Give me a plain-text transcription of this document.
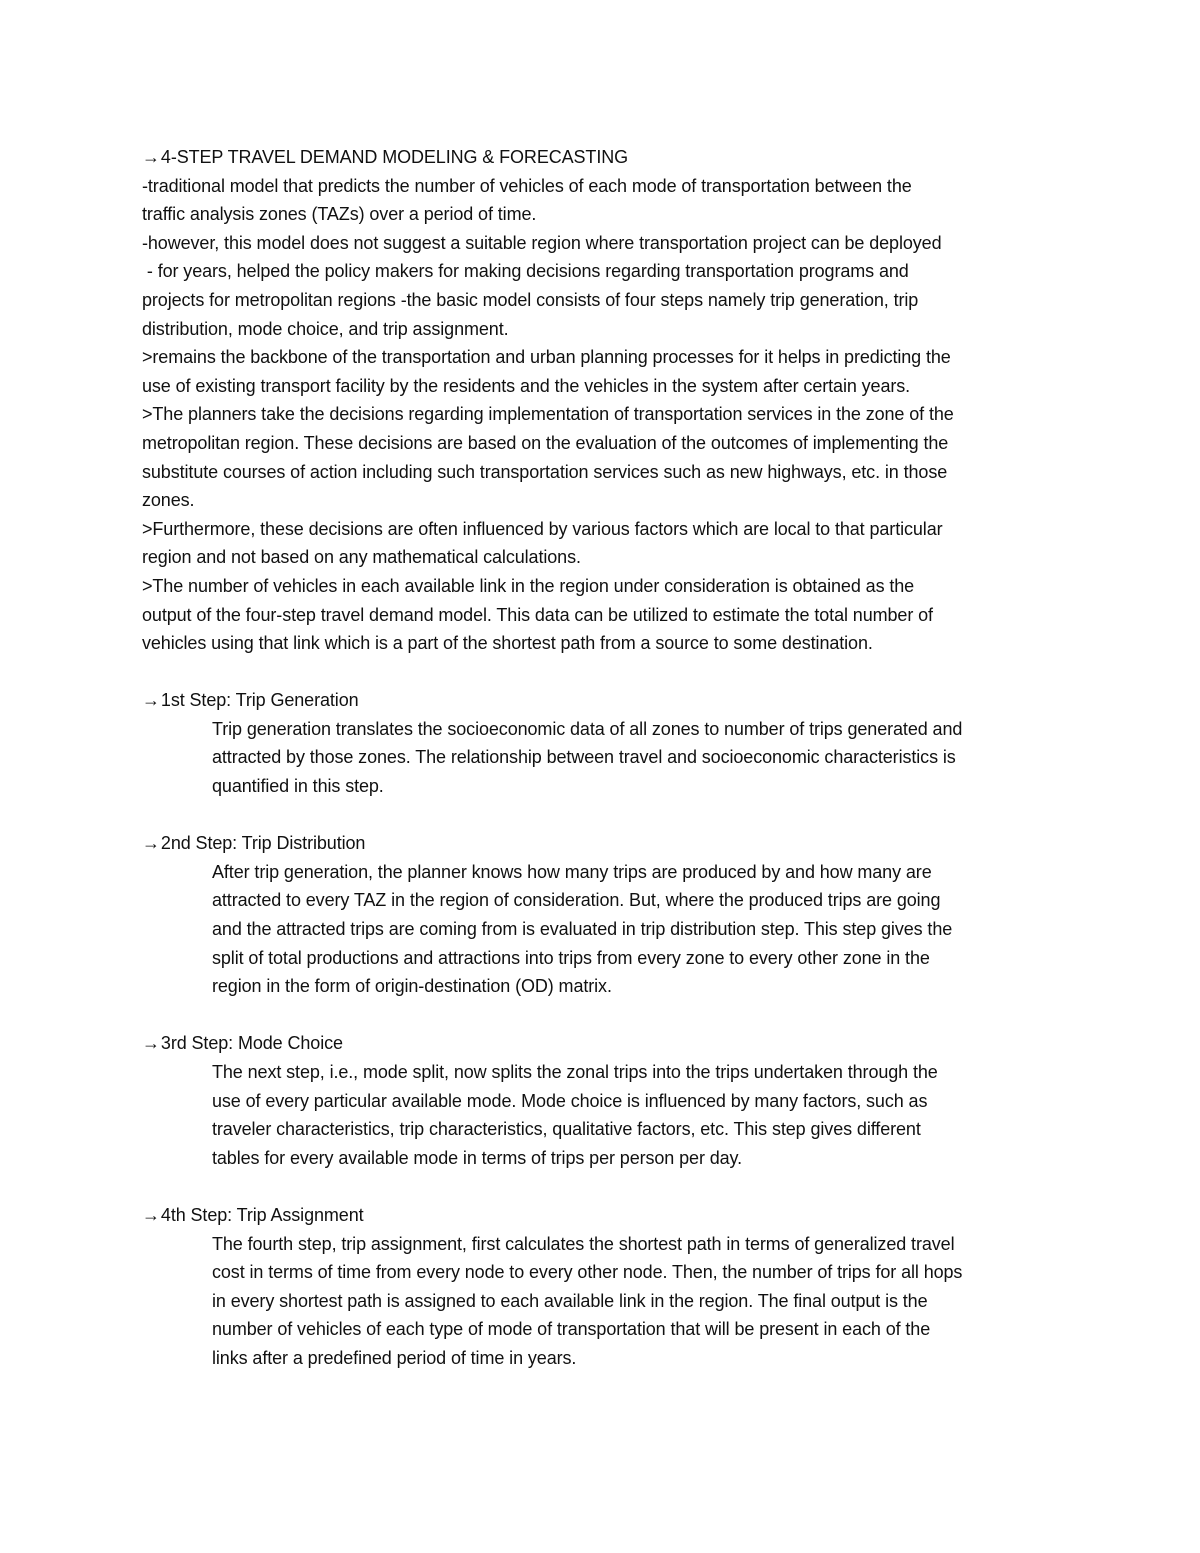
→4-STEP TRAVEL DEMAND MODELING & FORECASTING

-traditional model that predicts the number of vehicles of each mode of transportation between the

traffic analysis zones (TAZs) over a period of time.

-however, this model does not suggest a suitable region where transportation project can be deployed

- for years, helped the policy makers for making decisions regarding transportation programs and

projects for metropolitan regions -the basic model consists of four steps namely trip generation, trip

distribution, mode choice, and trip assignment.

>remains the backbone of the transportation and urban planning processes for it helps in predicting the

use of existing transport facility by the residents and the vehicles in the system after certain years.

>The planners take the decisions regarding implementation of transportation services in the zone of the

metropolitan region. These decisions are based on the evaluation of the outcomes of implementing the

substitute courses of action including such transportation services such as new highways, etc. in those

zones.

>Furthermore, these decisions are often influenced by various factors which are local to that particular

region and not based on any mathematical calculations.

>The number of vehicles in each available link in the region under consideration is obtained as the

output of the four-step travel demand model. This data can be utilized to estimate the total number of

vehicles using that link which is a part of the shortest path from a source to some destination.

→1st Step: Trip Generation

Trip generation translates the socioeconomic data of all zones to number of trips generated and

attracted by those zones. The relationship between travel and socioeconomic characteristics is

quantified in this step.

→2nd Step: Trip Distribution

After trip generation, the planner knows how many trips are produced by and how many are

attracted to every TAZ in the region of consideration. But, where the produced trips are going

and the attracted trips are coming from is evaluated in trip distribution step. This step gives the

split of total productions and attractions into trips from every zone to every other zone in the

region in the form of origin-destination (OD) matrix.

→3rd Step: Mode Choice

The next step, i.e., mode split, now splits the zonal trips into the trips undertaken through the

use of every particular available mode. Mode choice is influenced by many factors, such as

traveler characteristics, trip characteristics, qualitative factors, etc. This step gives different

tables for every available mode in terms of trips per person per day.

→4th Step: Trip Assignment

The fourth step, trip assignment, first calculates the shortest path in terms of generalized travel

cost in terms of time from every node to every other node. Then, the number of trips for all hops

in every shortest path is assigned to each available link in the region. The final output is the

number of vehicles of each type of mode of transportation that will be present in each of the

links after a predefined period of time in years.
